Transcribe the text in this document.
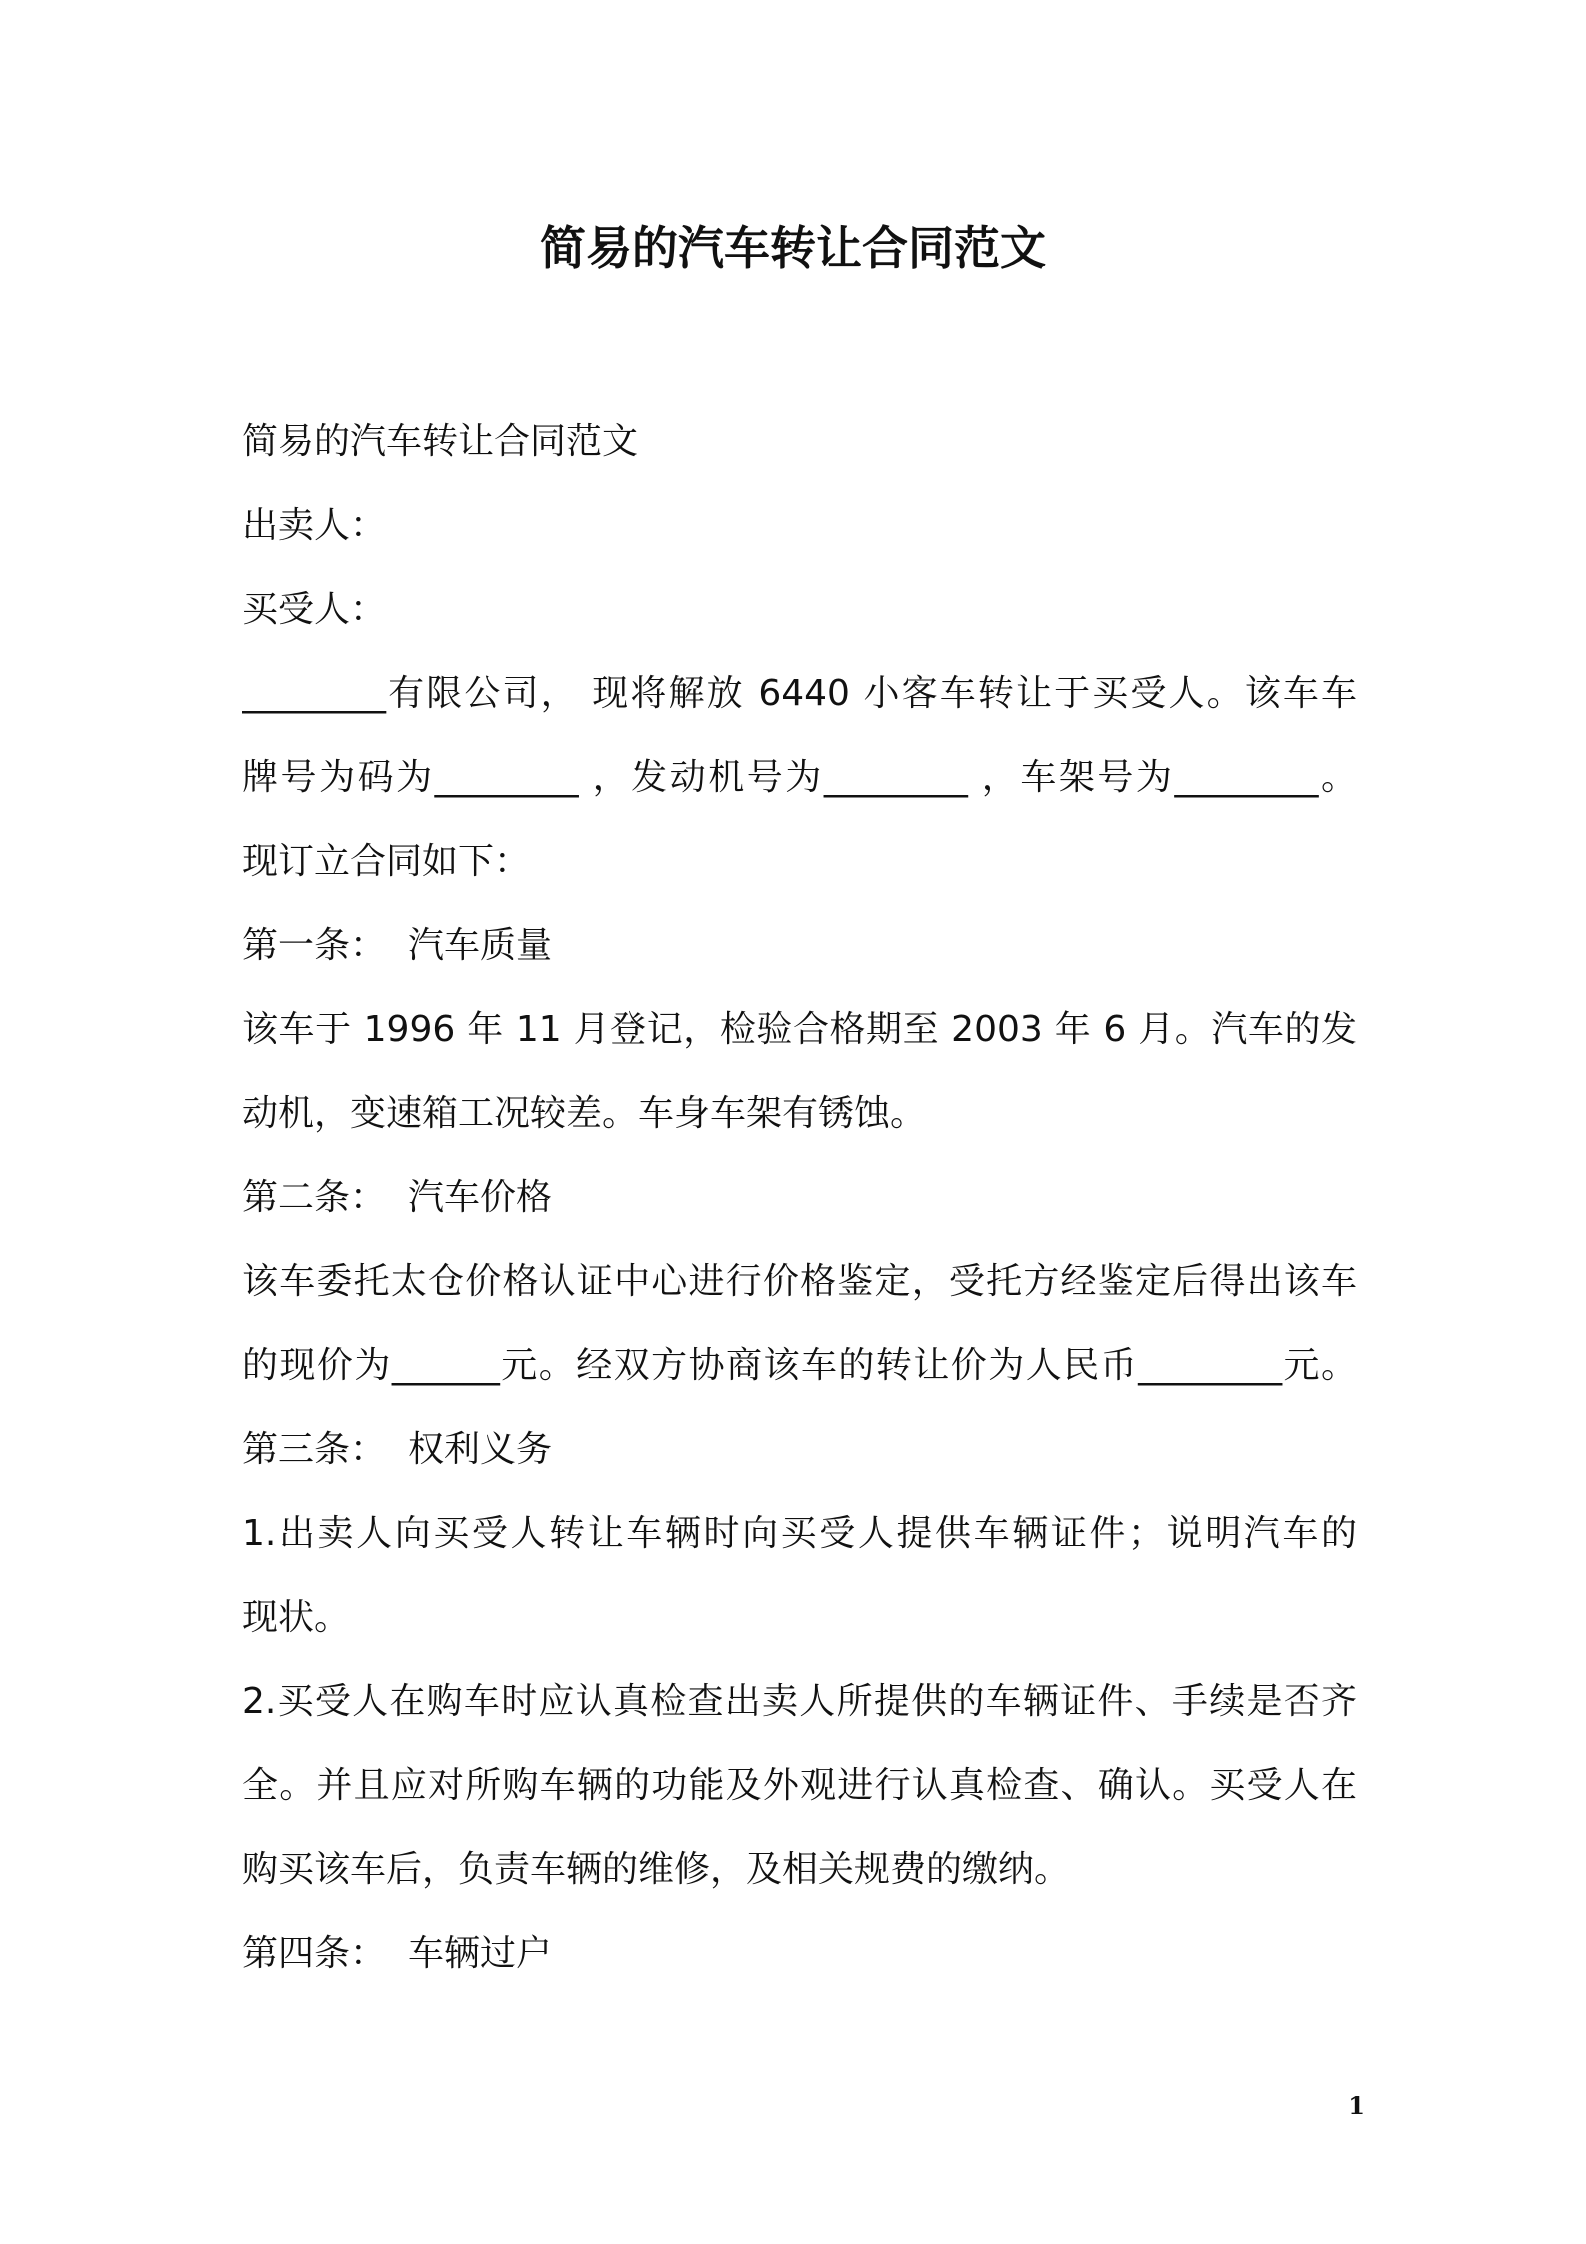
简易的汽车转让合同范文
简易的汽车转让合同范文
出卖人：
买受人：
________有限公司， 现将解放 6440 小客车转让于买受人。该车车
牌号为码为________ ，发动机号为________ ，车架号为________。
现订立合同如下：
第一条： 汽车质量
该车于 1996 年 11 月登记，检验合格期至 2003 年 6 月。汽车的发
动机，变速箱工况较差。车身车架有锈蚀。
第二条： 汽车价格
该车委托太仓价格认证中心进行价格鉴定，受托方经鉴定后得出该车
的现价为______元。经双方协商该车的转让价为人民币________元。
第三条： 权利义务
1.出卖人向买受人转让车辆时向买受人提供车辆证件；说明汽车的
现状。
2.买受人在购车时应认真检查出卖人所提供的车辆证件、手续是否齐
全。并且应对所购车辆的功能及外观进行认真检查、确认。买受人在
购买该车后，负责车辆的维修，及相关规费的缴纳。
第四条： 车辆过户
1
